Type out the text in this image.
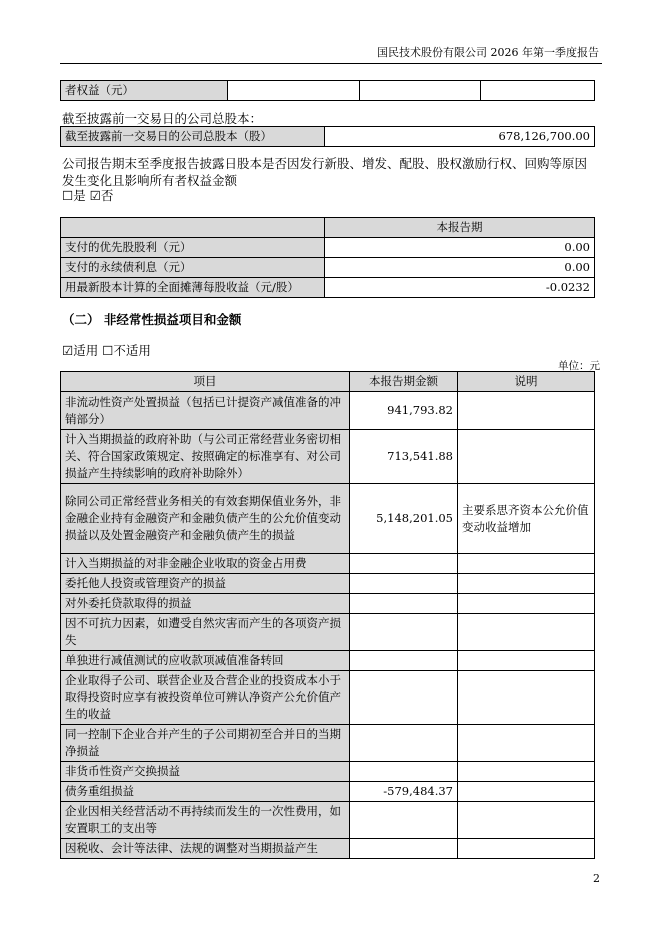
国民技术股份有限公司 2026 年第一季度报告
者权益（元）			
截至披露前一交易日的公司总股本：
截至披露前一交易日的公司总股本（股）	678,126,700.00
公司报告期末至季度报告披露日股本是否因发行新股、增发、配股、股权激励行权、回购等原因发生变化且影响所有者权益金额
☐是 ☑否
	本报告期
支付的优先股股利（元）	0.00
支付的永续债利息（元）	0.00
用最新股本计算的全面摊薄每股收益（元/股）	-0.0232
（二） 非经常性损益项目和金额
☑适用 ☐不适用
单位：元
项目	本报告期金额	说明
非流动性资产处置损益（包括已计提资产减值准备的冲销部分）	941,793.82	
计入当期损益的政府补助（与公司正常经营业务密切相关、符合国家政策规定、按照确定的标准享有、对公司损益产生持续影响的政府补助除外）	713,541.88	
除同公司正常经营业务相关的有效套期保值业务外，非金融企业持有金融资产和金融负债产生的公允价值变动损益以及处置金融资产和金融负债产生的损益	5,148,201.05	主要系思齐资本公允价值变动收益增加
计入当期损益的对非金融企业收取的资金占用费		
委托他人投资或管理资产的损益		
对外委托贷款取得的损益		
因不可抗力因素，如遭受自然灾害而产生的各项资产损失		
单独进行减值测试的应收款项减值准备转回		
企业取得子公司、联营企业及合营企业的投资成本小于取得投资时应享有被投资单位可辨认净资产公允价值产生的收益		
同一控制下企业合并产生的子公司期初至合并日的当期净损益		
非货币性资产交换损益		
债务重组损益	-579,484.37	
企业因相关经营活动不再持续而发生的一次性费用，如安置职工的支出等		
因税收、会计等法律、法规的调整对当期损益产生		
2
